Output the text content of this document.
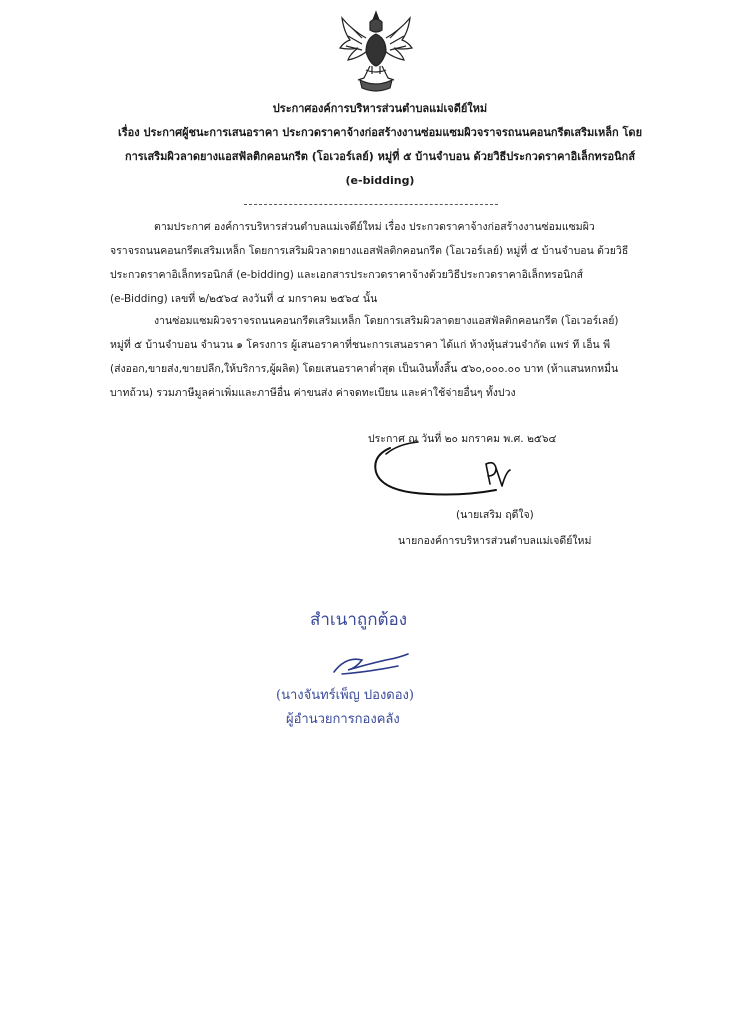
ประกาศองค์การบริหารส่วนตำบลแม่เจดีย์ใหม่
เรื่อง ประกาศผู้ชนะการเสนอราคา ประกวดราคาจ้างก่อสร้างงานซ่อมแซมผิวจราจรถนนคอนกรีตเสริมเหล็ก โดย
การเสริมผิวลาดยางแอสฟัลติกคอนกรีต (โอเวอร์เลย์) หมู่ที่ ๕ บ้านจำบอน ด้วยวิธีประกวดราคาอิเล็กทรอนิกส์
(e-bidding)
ตามประกาศ องค์การบริหารส่วนตำบลแม่เจดีย์ใหม่ เรื่อง ประกวดราคาจ้างก่อสร้างงานซ่อมแซมผิว
จราจรถนนคอนกรีตเสริมเหล็ก โดยการเสริมผิวลาดยางแอสฟัลติกคอนกรีต (โอเวอร์เลย์) หมู่ที่ ๕ บ้านจำบอน ด้วยวิธี
ประกวดราคาอิเล็กทรอนิกส์ (e-bidding) และเอกสารประกวดราคาจ้างด้วยวิธีประกวดราคาอิเล็กทรอนิกส์
(e-Bidding) เลขที่ ๒/๒๕๖๔ ลงวันที่ ๔ มกราคม ๒๕๖๔ นั้น
งานซ่อมแซมผิวจราจรถนนคอนกรีตเสริมเหล็ก โดยการเสริมผิวลาดยางแอสฟัลติกคอนกรีต (โอเวอร์เลย์)
หมู่ที่ ๕ บ้านจำบอน จำนวน ๑ โครงการ ผู้เสนอราคาที่ชนะการเสนอราคา ได้แก่ ห้างหุ้นส่วนจำกัด แพร่ ที เอ็น พี
(ส่งออก,ขายส่ง,ขายปลีก,ให้บริการ,ผู้ผลิต) โดยเสนอราคาต่ำสุด เป็นเงินทั้งสิ้น ๕๖๐,๐๐๐.๐๐ บาท (ห้าแสนหกหมื่น
บาทถ้วน) รวมภาษีมูลค่าเพิ่มและภาษีอื่น ค่าขนส่ง ค่าจดทะเบียน และค่าใช้จ่ายอื่นๆ ทั้งปวง
ประกาศ ณ วันที่ ๒๐ มกราคม พ.ศ. ๒๕๖๔
(นายเสริม ฤดีใจ)
นายกองค์การบริหารส่วนตำบลแม่เจดีย์ใหม่
สำเนาถูกต้อง
(นางจันทร์เพ็ญ ปองดอง)
ผู้อำนวยการกองคลัง
